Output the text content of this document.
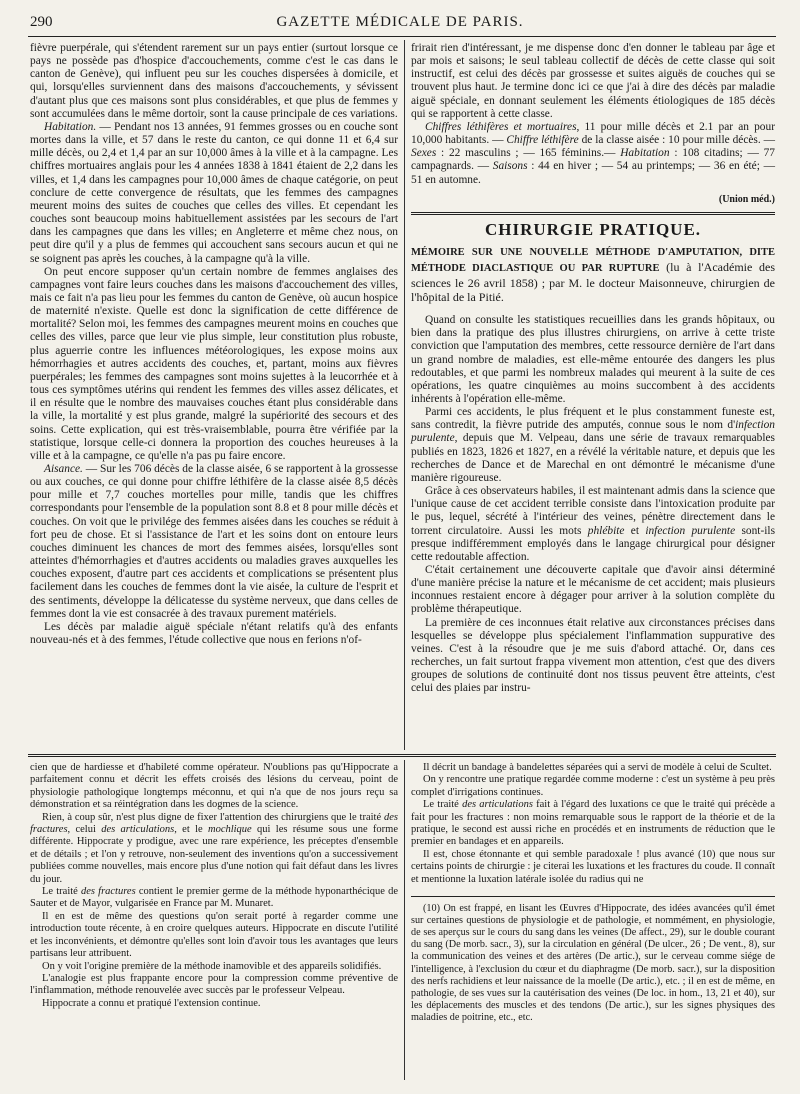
290	GAZETTE MÉDICALE DE PARIS.

fièvre puerpérale, qui s'étendent rarement sur un pays entier (surtout lorsque ce pays ne possède pas d'hospice d'accouchements, comme c'est le cas dans le canton de Genève), qui influent peu sur les couches dispersées à domicile, et qui, lorsqu'elles surviennent dans des maisons d'accouchements, y sévissent d'autant plus que ces maisons sont plus considérables, et que plus de femmes y sont accumulées dans le même dortoir, sont la cause principale de ces variations.

Habitation. — Pendant nos 13 années, 91 femmes grosses ou en couche sont mortes dans la ville, et 57 dans le reste du canton, ce qui donne 11 et 6,4 sur mille décès, ou 2,4 et 1,4 par an sur 10,000 âmes à la ville et à la campagne. Les chiffres mortuaires anglais pour les 4 années 1838 à 1841 étaient de 2,2 dans les villes, et 1,4 dans les campagnes pour 10,000 âmes de chaque catégorie, on peut conclure de cette convergence de résultats, que les femmes des campagnes meurent moins des suites de couches que celles des villes. Et cependant les couches sont beaucoup moins habituellement assistées par les secours de l'art dans les campagnes que dans les villes; en Angleterre et même chez nous, on peut dire qu'il y a plus de femmes qui accouchent sans secours aucun et qui ne se soignent pas après les couches, à la campagne qu'à la ville.

On peut encore supposer qu'un certain nombre de femmes anglaises des campagnes vont faire leurs couches dans les maisons d'accouchement des villes, mais ce fait n'a pas lieu pour les femmes du canton de Genève, où aucun hospice de maternité n'existe. Quelle est donc la signification de cette différence de mortalité? Selon moi, les femmes des campagnes meurent moins en couches que celles des villes, parce que leur vie plus simple, leur constitution plus robuste, plus aguerrie contre les influences météorologiques, les expose moins aux hémorrhagies et autres accidents des couches, et, partant, moins aux fièvres puerpérales; les femmes des campagnes sont moins sujettes à la leucorrhée et à tous ces symptômes utérins qui rendent les femmes des villes assez délicates, et il en résulte que le nombre des mauvaises couches étant plus considérable dans la ville, la mortalité y est plus grande, malgré la supériorité des secours et des soins. Cette explication, qui est très-vraisemblable, pourra être vérifiée par la statistique, lorsque celle-ci donnera la proportion des couches heureuses à la ville et à la campagne, ce qu'elle n'a pas pu faire encore.

Aisance. — Sur les 706 décès de la classe aisée, 6 se rapportent à la grossesse ou aux couches, ce qui donne pour chiffre léthifère de la classe aisée 8,5 décès pour mille et 7,7 couches mortelles pour mille, tandis que les chiffres correspondants pour l'ensemble de la population sont 8.8 et 8 pour mille décès et couches. On voit que le privilége des femmes aisées dans les couches se réduit à fort peu de chose. Et si l'assistance de l'art et les soins dont on entoure leurs couches diminuent les chances de mort des femmes aisées, lorsqu'elles sont atteintes d'hémorrhagies et d'autres accidents ou maladies graves auxquelles les couches exposent, d'autre part ces accidents et complications se présentent plus facilement dans les couches de femmes dont la vie aisée, la culture de l'esprit et des sentiments, développe la délicatesse du système nerveux, que dans celles de femmes dont la vie est consacrée à des travaux purement matériels.

Les décès par maladie aiguë spéciale n'étant relatifs qu'à des enfants nouveau-nés et à des femmes, l'étude collective que nous en ferions n'of-

frirait rien d'intéressant, je me dispense donc d'en donner le tableau par âge et par mois et saisons; le seul tableau collectif de décès de cette classe qui soit instructif, est celui des décès par grossesse et suites aiguës de couches qui se trouvent plus haut. Je termine donc ici ce que j'ai à dire des décès par maladie aiguë spéciale, en donnant seulement les éléments étiologiques de 185 décès qui se rapportent à cette classe.

Chiffres léthifères et mortuaires, 11 pour mille décès et 2.1 par an pour 10,000 habitants. — Chiffre léthifère de la classe aisée : 10 pour mille décès. — Sexes : 22 masculins ; — 165 féminins.— Habitation : 108 citadins; — 77 campagnards. — Saisons : 44 en hiver ; — 54 au printemps; — 36 en été; — 51 en automne.

(Union méd.)
CHIRURGIE PRATIQUE.
MÉMOIRE SUR UNE NOUVELLE MÉTHODE D'AMPUTATION, DITE MÉTHODE DIACLASTIQUE OU PAR RUPTURE (lu à l'Académie des sciences le 26 avril 1858) ; par M. le docteur Maisonneuve, chirurgien de l'hôpital de la Pitié.

Quand on consulte les statistiques recueillies dans les grands hôpitaux, ou bien dans la pratique des plus illustres chirurgiens, on arrive à cette triste conviction que l'amputation des membres, cette ressource dernière de l'art dans un grand nombre de maladies, est elle-même entourée des dangers les plus redoutables, et que parmi les nombreux malades qui meurent à la suite de ces opérations, les quatre cinquièmes au moins succombent à des accidents inhérents à l'opération elle-même.

Parmi ces accidents, le plus fréquent et le plus constamment funeste est, sans contredit, la fièvre putride des amputés, connue sous le nom d'infection purulente, depuis que M. Velpeau, dans une série de travaux remarquables publiés en 1823, 1826 et 1827, en a révélé la véritable nature, et depuis que les recherches de Dance et de Marechal en ont démontré le mécanisme d'une manière rigoureuse.

Grâce à ces observateurs habiles, il est maintenant admis dans la science que l'unique cause de cet accident terrible consiste dans l'intoxication produite par le pus, lequel, sécrété à l'intérieur des veines, pénètre directement dans le torrent circulatoire. Aussi les mots phlébite et infection purulente sont-ils presque indifféremment employés dans le langage chirurgical pour désigner cette redoutable affection.

C'était certainement une découverte capitale que d'avoir ainsi déterminé d'une manière précise la nature et le mécanisme de cet accident; mais plusieurs inconnues restaient encore à dégager pour arriver à la solution complète du problème thérapeutique.

La première de ces inconnues était relative aux circonstances précises dans lesquelles se développe plus spécialement l'inflammation suppurative des veines. C'est à la résoudre que je me suis d'abord attaché. Or, dans ces recherches, un fait surtout frappa vivement mon attention, c'est que des divers groupes de solutions de continuité dont nos tissus peuvent être atteints, c'est celui des plaies par instru-

cien que de hardiesse et d'habileté comme opérateur. N'oublions pas qu'Hippocrate a parfaitement connu et décrit les effets croisés des lésions du cerveau, point de physiologie pathologique longtemps méconnu, et qui n'a que de nos jours reçu sa démonstration et sa réintégration dans les dogmes de la science.

Rien, à coup sûr, n'est plus digne de fixer l'attention des chirurgiens que le traité des fractures, celui des articulations, et le mochlique qui les résume sous une forme différente. Hippocrate y prodigue, avec une rare expérience, les préceptes d'ensemble et de détails ; et l'on y retrouve, non-seulement des inventions qu'on a successivement publiées comme nouvelles, mais encore plus d'une notion qui fait défaut dans les livres du jour.

Le traité des fractures contient le premier germe de la méthode hyponarthécique de Sauter et de Mayor, vulgarisée en France par M. Munaret.

Il en est de même des questions qu'on serait porté à regarder comme une introduction toute récente, à en croire quelques auteurs. Hippocrate en discute l'utilité et les inconvénients, et démontre qu'elles sont loin d'avoir tous les avantages que leurs partisans leur attribuent.

On y voit l'origine première de la méthode inamovible et des appareils solidifiés.

L'analogie est plus frappante encore pour la compression comme préventive de l'inflammation, méthode renouvelée avec succès par le professeur Velpeau.

Hippocrate a connu et pratiqué l'extension continue.

Il décrit un bandage à bandelettes séparées qui a servi de modèle à celui de Scultet.

On y rencontre une pratique regardée comme moderne : c'est un système à peu près complet d'irrigations continues.

Le traité des articulations fait à l'égard des luxations ce que le traité qui précède a fait pour les fractures : non moins remarquable sous le rapport de la théorie et de la pratique, le second est aussi riche en procédés et en instruments de réduction que le premier en bandages et en appareils.

Il est, chose étonnante et qui semble paradoxale ! plus avancé (10) que nous sur certains points de chirurgie : je citerai les luxations et les fractures du coude. Il connaît et mentionne la luxation latérale isolée du radius qui ne

(10) On est frappé, en lisant les Œuvres d'Hippocrate, des idées avancées qu'il émet sur certaines questions de physiologie et de pathologie, et nommément, en physiologie, de ses aperçus sur le cours du sang dans les veines (De affect., 29), sur le double courant du sang (De morb. sacr., 3), sur la circulation en général (De ulcer., 26 ; De vent., 8), sur la communication des veines et des artères (De artic.), sur le cerveau comme siége de l'intelligence, à l'exclusion du cœur et du diaphragme (De morb. sacr.), sur la disposition des nerfs rachidiens et leur naissance de la moelle (De artic.), etc. ; il en est de même, en pathologie, de ses vues sur la cautérisation des veines (De loc. in hom., 13, 21 et 40), sur les déplacements des muscles et des tendons (De artic.), sur les signes physiques des maladies de poitrine, etc., etc.
